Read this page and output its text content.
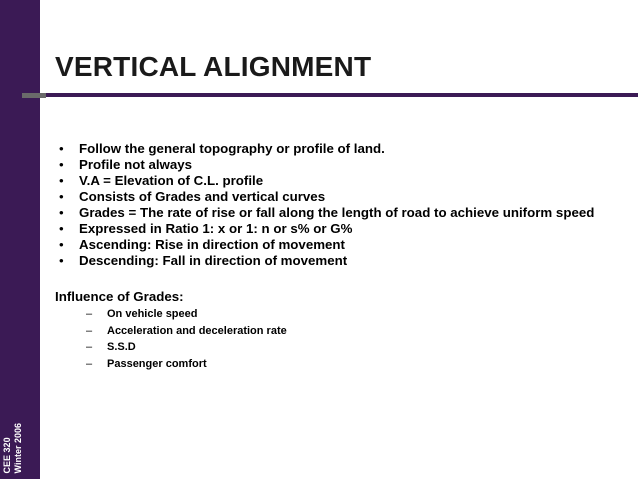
CEE 320 Winter 2006
VERTICAL ALIGNMENT
• Follow the general topography or profile of land.
• Profile not always
• V.A = Elevation of C.L. profile
• Consists of Grades and vertical curves
• Grades = The rate of rise or fall along the length of road to achieve uniform speed
• Expressed in Ratio 1: x or 1: n or s% or G%
• Ascending: Rise in direction of movement
• Descending: Fall in direction of movement
Influence of Grades:
– On vehicle speed
– Acceleration and deceleration rate
– S.S.D
– Passenger comfort
